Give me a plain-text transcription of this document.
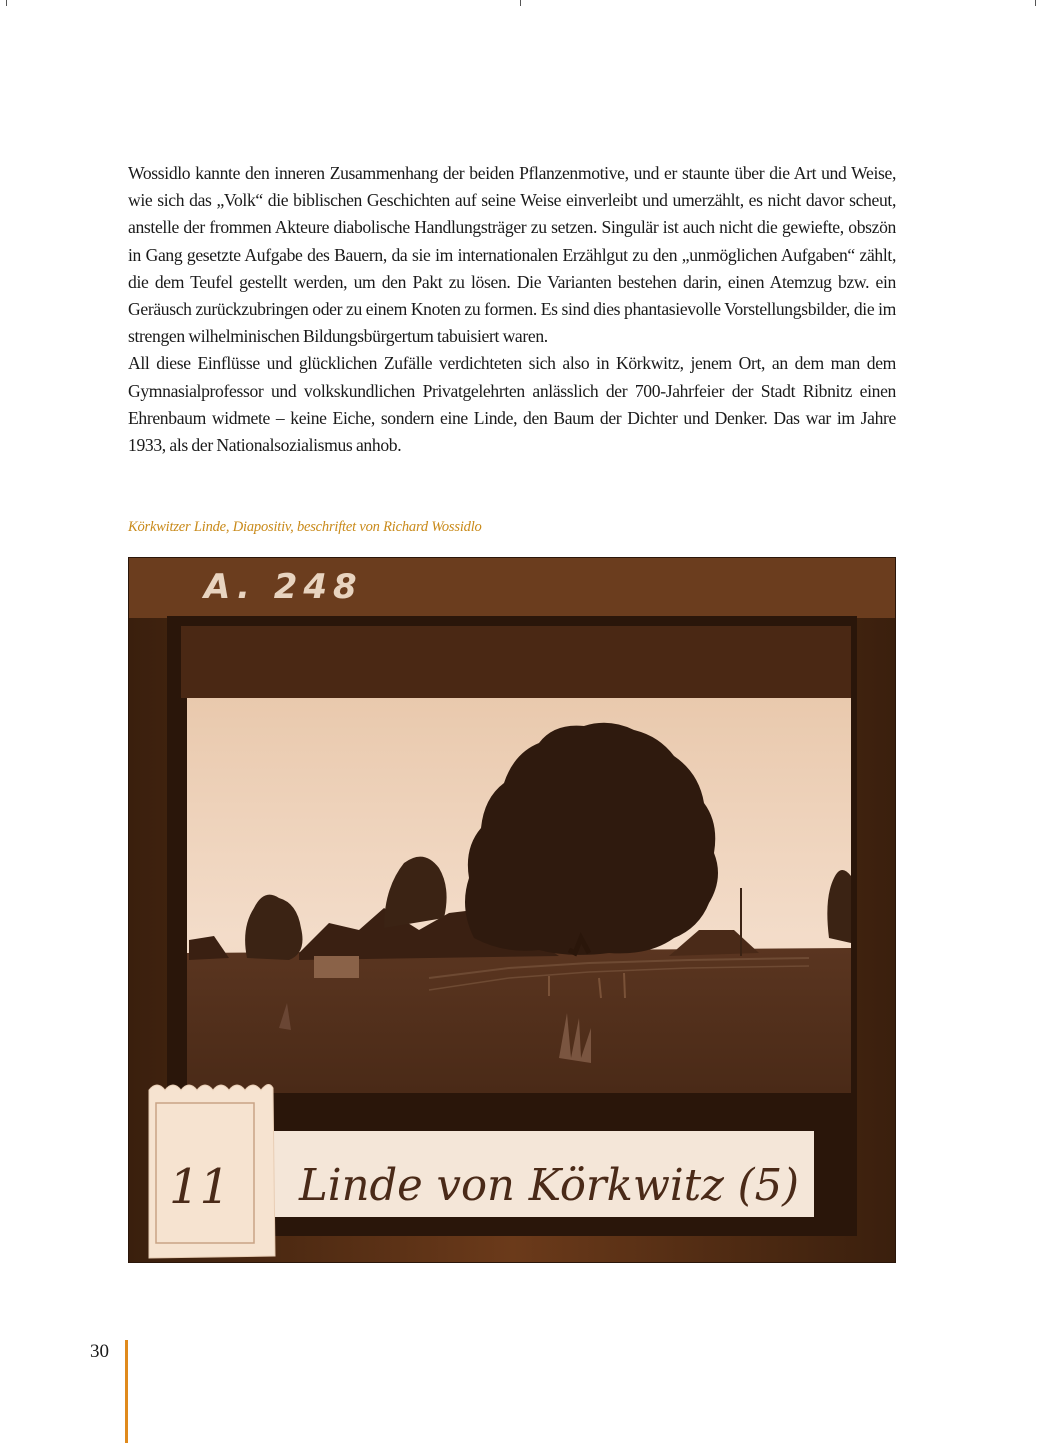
Wossidlo kannte den inneren Zusammenhang der beiden Pflanzenmotive, und er staunte über die Art und Weise, wie sich das „Volk“ die biblischen Geschichten auf seine Weise einverleibt und umerzählt, es nicht davor scheut, anstelle der frommen Akteure diabolische Handlungsträger zu setzen. Singulär ist auch nicht die gewiefte, obszön in Gang gesetzte Aufgabe des Bauern, da sie im internationalen Erzählgut zu den „unmöglichen Aufgaben“ zählt, die dem Teufel gestellt werden, um den Pakt zu lösen. Die Varianten bestehen darin, einen Atemzug bzw. ein Geräusch zurückzubringen oder zu einem Knoten zu formen. Es sind dies phantasievolle Vorstellungsbilder, die im strengen wilhelminischen Bildungsbürgertum tabuisiert waren.

All diese Einflüsse und glücklichen Zufälle verdichteten sich also in Körkwitz, jenem Ort, an dem man dem Gymnasialprofessor und volkskundlichen Privatgelehrten anlässlich der 700-Jahrfeier der Stadt Ribnitz einen Ehrenbaum widmete – keine Eiche, sondern eine Linde, den Baum der Dichter und Denker. Das war im Jahre 1933, als der Nationalsozialismus anhob.

Körkwitzer Linde, Diapositiv, beschriftet von Richard Wossidlo
A. 248
11 Linde von Körkwitz (5)
30
